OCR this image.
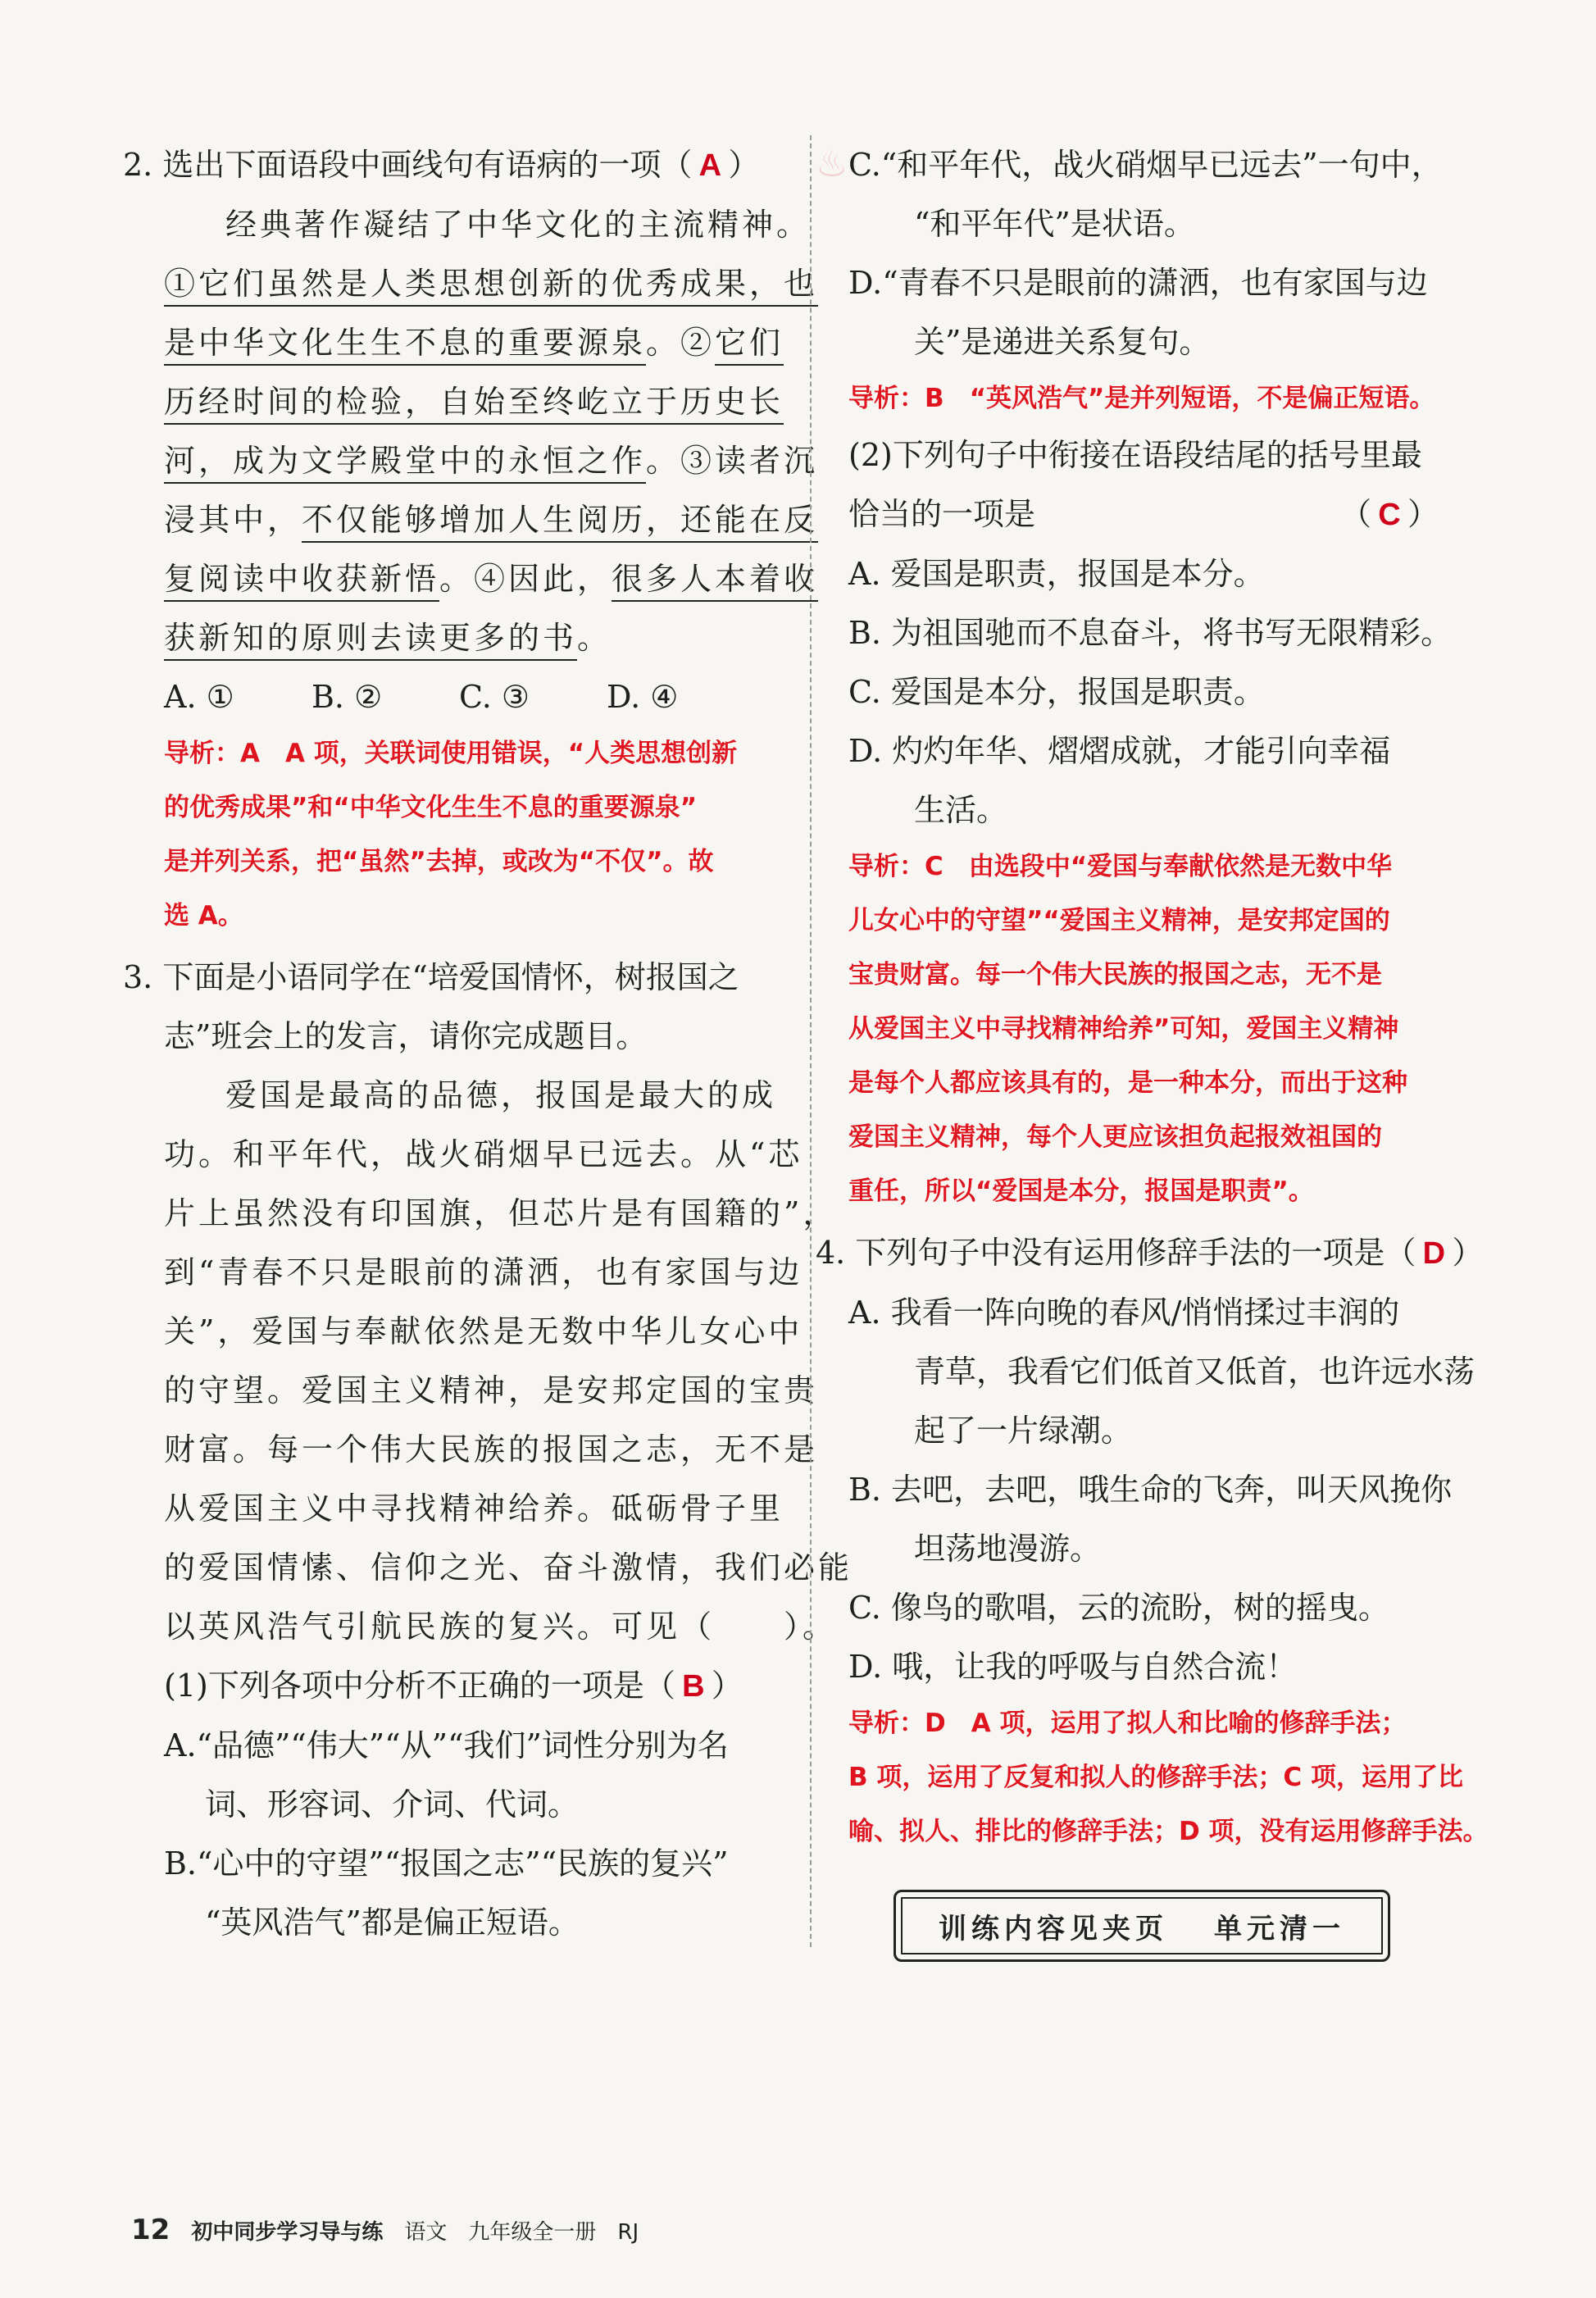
♨
2. 选出下面语段中画线句有语病的一项（ A ）
经典著作凝结了中华文化的主流精神。
①它们虽然是人类思想创新的优秀成果，也
是中华文化生生不息的重要源泉。②它们
历经时间的检验，自始至终屹立于历史长
河，成为文学殿堂中的永恒之作。③读者沉
浸其中，不仅能够增加人生阅历，还能在反
复阅读中收获新悟。④因此，很多人本着收
获新知的原则去读更多的书。
A. ①	B. ②	C. ③	D. ④
导析：A　A 项，关联词使用错误，“人类思想创新
的优秀成果”和“中华文化生生不息的重要源泉”
是并列关系，把“虽然”去掉，或改为“不仅”。故
选 A。
3. 下面是小语同学在“培爱国情怀，树报国之
志”班会上的发言，请你完成题目。
爱国是最高的品德，报国是最大的成
功。和平年代，战火硝烟早已远去。从“芯
片上虽然没有印国旗，但芯片是有国籍的”，
到“青春不只是眼前的潇洒，也有家国与边
关”，爱国与奉献依然是无数中华儿女心中
的守望。爱国主义精神，是安邦定国的宝贵
财富。每一个伟大民族的报国之志，无不是
从爱国主义中寻找精神给养。砥砺骨子里
的爱国情愫、信仰之光、奋斗激情，我们必能
以英风浩气引航民族的复兴。可见（　　）。
(1)下列各项中分析不正确的一项是（ B ）
A.“品德”“伟大”“从”“我们”词性分别为名
词、形容词、介词、代词。
B.“心中的守望”“报国之志”“民族的复兴”
“英风浩气”都是偏正短语。
C.“和平年代，战火硝烟早已远去”一句中，
“和平年代”是状语。
D.“青春不只是眼前的潇洒，也有家国与边
关”是递进关系复句。
导析：B　“英风浩气”是并列短语，不是偏正短语。
(2)下列句子中衔接在语段结尾的括号里最
恰当的一项是	（ C ）
A. 爱国是职责，报国是本分。
B. 为祖国驰而不息奋斗，将书写无限精彩。
C. 爱国是本分，报国是职责。
D. 灼灼年华、熠熠成就，才能引向幸福
生活。
导析：C　由选段中“爱国与奉献依然是无数中华
儿女心中的守望”“爱国主义精神，是安邦定国的
宝贵财富。每一个伟大民族的报国之志，无不是
从爱国主义中寻找精神给养”可知，爱国主义精神
是每个人都应该具有的，是一种本分，而出于这种
爱国主义精神，每个人更应该担负起报效祖国的
重任，所以“爱国是本分，报国是职责”。
4. 下列句子中没有运用修辞手法的一项是（ D ）
A. 我看一阵向晚的春风/悄悄揉过丰润的
青草，我看它们低首又低首，也许远水荡
起了一片绿潮。
B. 去吧，去吧，哦生命的飞奔，叫天风挽你
坦荡地漫游。
C. 像鸟的歌唱，云的流盼，树的摇曳。
D. 哦，让我的呼吸与自然合流！
导析：D　A 项，运用了拟人和比喻的修辞手法；
B 项，运用了反复和拟人的修辞手法；C 项，运用了比
喻、拟人、排比的修辞手法；D 项，没有运用修辞手法。
训练内容见夹页 单元清一
12 初中同步学习导与练 语文 九年级全一册 RJ
